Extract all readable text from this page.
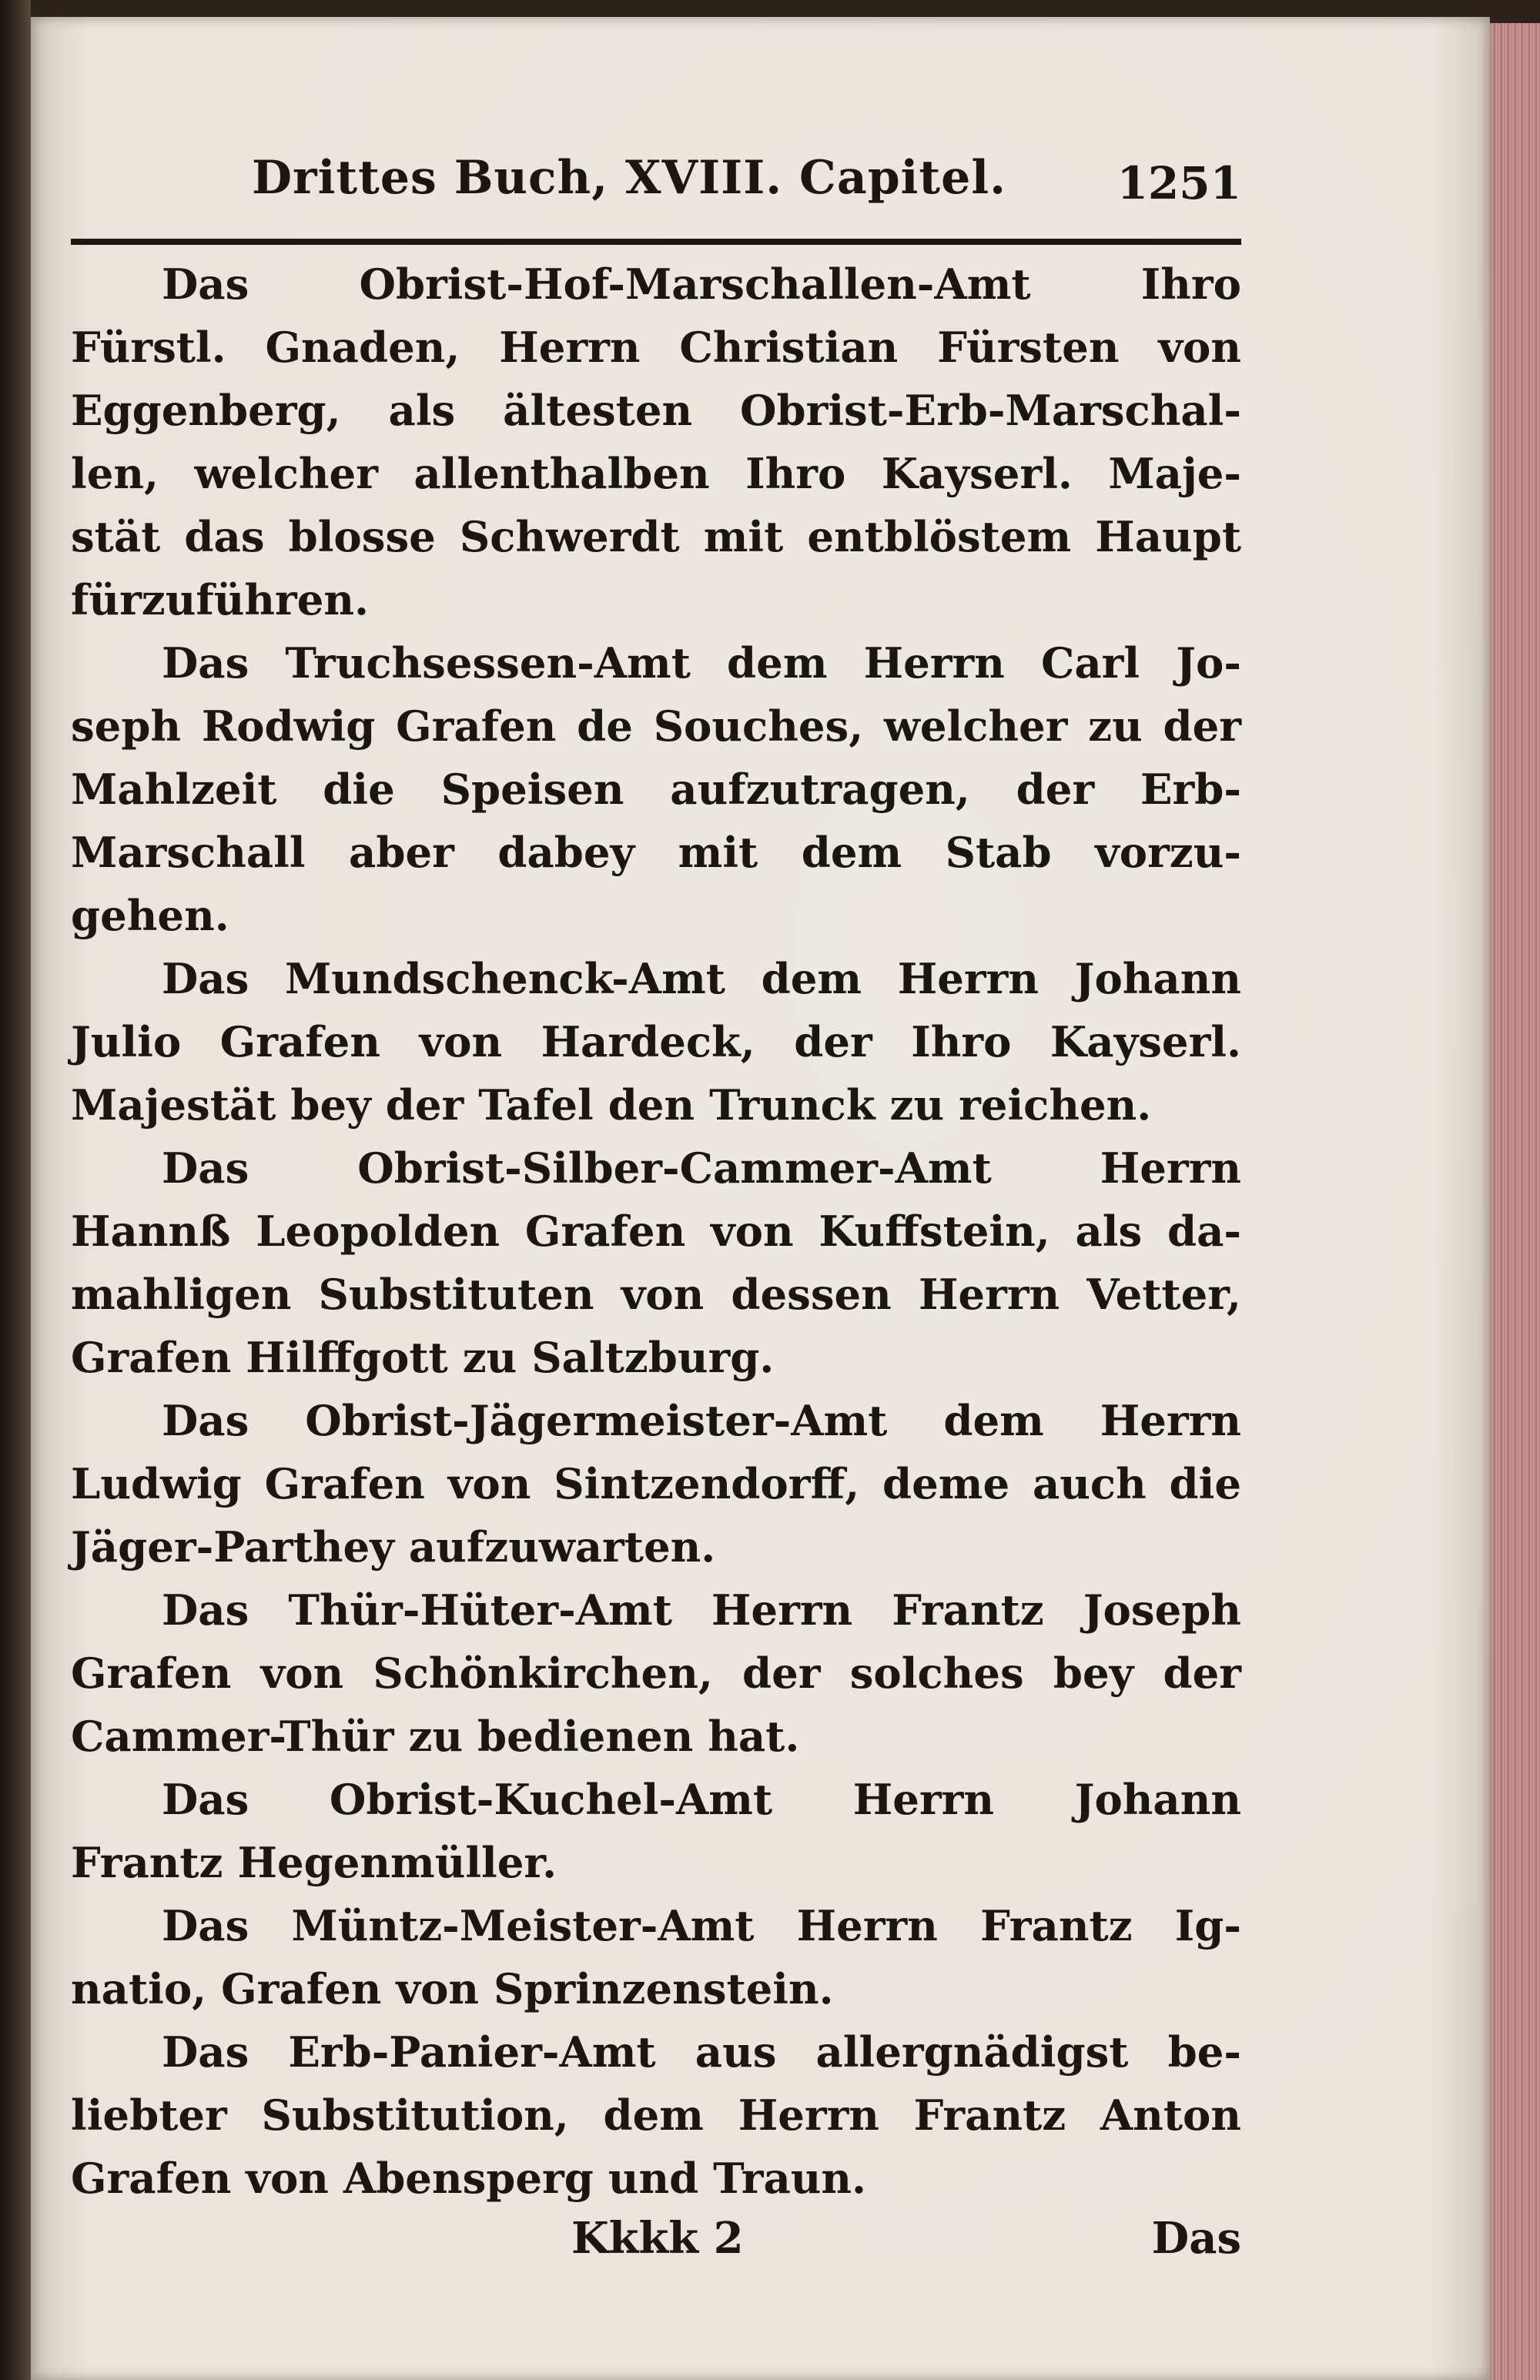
Drittes Buch, XVIII. Capitel. 1251

Das Obrist-Hof-Marschallen-Amt Ihro
Fürstl. Gnaden, Herrn Christian Fürsten von
Eggenberg, als ältesten Obrist-Erb-Marschal-
len, welcher allenthalben Ihro Kayserl. Maje-
stät das blosse Schwerdt mit entblöstem Haupt
fürzuführen.

Das Truchsessen-Amt dem Herrn Carl Jo-
seph Rodwig Grafen de Souches, welcher zu der
Mahlzeit die Speisen aufzutragen, der Erb-
Marschall aber dabey mit dem Stab vorzu-
gehen.

Das Mundschenck-Amt dem Herrn Johann
Julio Grafen von Hardeck, der Ihro Kayserl.
Majestät bey der Tafel den Trunck zu reichen.

Das Obrist-Silber-Cammer-Amt Herrn
Hannß Leopolden Grafen von Kuffstein, als da-
mahligen Substituten von dessen Herrn Vetter,
Grafen Hilffgott zu Saltzburg.

Das Obrist-Jägermeister-Amt dem Herrn
Ludwig Grafen von Sintzendorff, deme auch die
Jäger-Parthey aufzuwarten.

Das Thür-Hüter-Amt Herrn Frantz Joseph
Grafen von Schönkirchen, der solches bey der
Cammer-Thür zu bedienen hat.

Das Obrist-Kuchel-Amt Herrn Johann
Frantz Hegenmüller.

Das Müntz-Meister-Amt Herrn Frantz Ig-
natio, Grafen von Sprinzenstein.

Das Erb-Panier-Amt aus allergnädigst be-
liebter Substitution, dem Herrn Frantz Anton
Grafen von Abensperg und Traun.

Kkkk 2	Das
